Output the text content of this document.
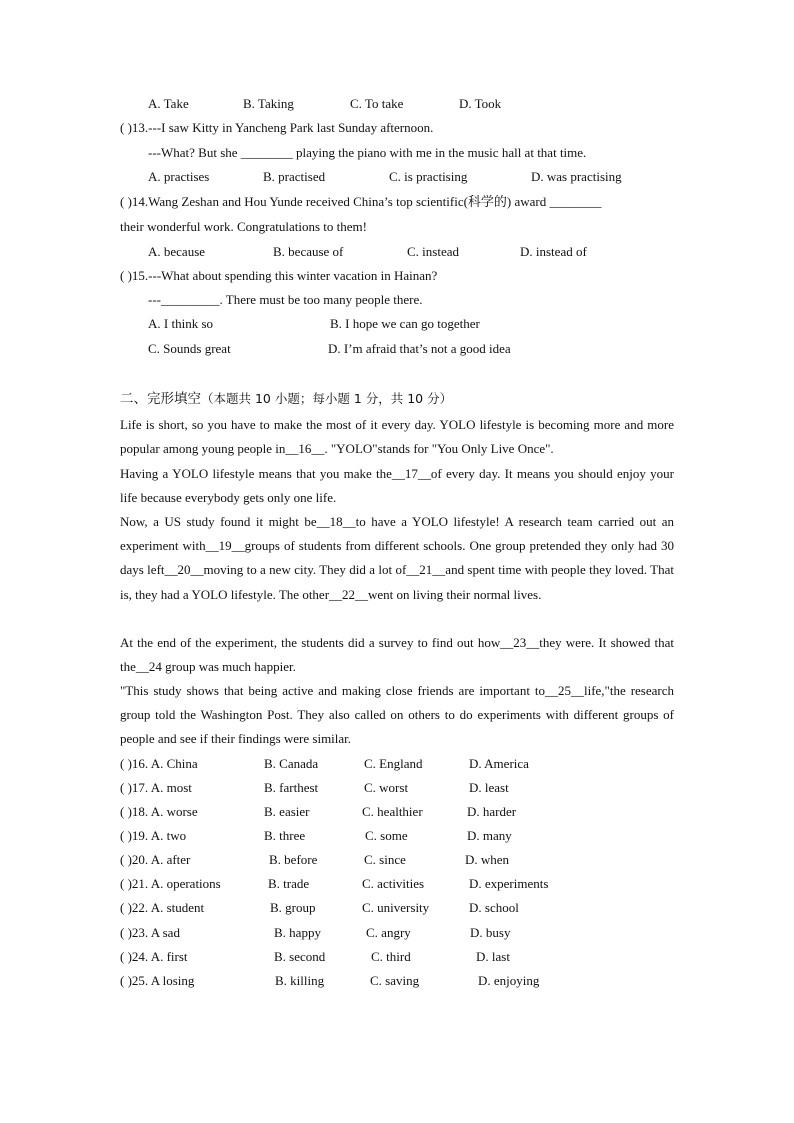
A. Take	B. Taking	C. To take	D. Took
( )13.---I saw Kitty in Yancheng Park last Sunday afternoon.
---What? But she ________ playing the piano with me in the music hall at that time.
A. practises	B. practised	C. is practising	D. was practising
( )14.Wang Zeshan and Hou Yunde received China’s top scientific(科学的) award ________
their wonderful work. Congratulations to them!
A. because	B. because of	C. instead	D. instead of
( )15.---What about spending this winter vacation in Hainan?
---_________. There must be too many people there.
A. I think so	B. I hope we can go together
C. Sounds great	D. I’m afraid that’s not a good idea
二、完形填空（本题共 10 小题；每小题 1 分，共 10 分）
Life is short, so you have to make the most of it every day. YOLO lifestyle is becoming more and more popular among young people in__16__. "YOLO"stands for "You Only Live Once".
Having a YOLO lifestyle means that you make the__17__of every day. It means you should enjoy your life because everybody gets only one life.
Now, a US study found it might be__18__to have a YOLO lifestyle! A research team carried out an experiment with__19__groups of students from different schools. One group pretended they only had 30 days left__20__moving to a new city. They did a lot of__21__and spent time with people they loved. That is, they had a YOLO lifestyle. The other__22__went on living their normal lives.
At the end of the experiment, the students did a survey to find out how__23__they were. It showed that the__24 group was much happier.
"This study shows that being active and making close friends are important to__25__life,"the research group told the Washington Post. They also called on others to do experiments with different groups of people and see if their findings were similar.
( )16. A. China	B. Canada	C. England	D. America
( )17. A. most	B. farthest	C. worst	D. least
( )18. A. worse	B. easier	C. healthier	D. harder
( )19. A. two	B. three	C. some	D. many
( )20. A. after	B. before	C. since	D. when
( )21. A. operations	B. trade	C. activities	D. experiments
( )22. A. student	B. group	C. university	D. school
( )23. A sad	B. happy	C. angry	D. busy
( )24. A. first	B. second	C. third	D. last
( )25. A losing	B. killing	C. saving	D. enjoying
